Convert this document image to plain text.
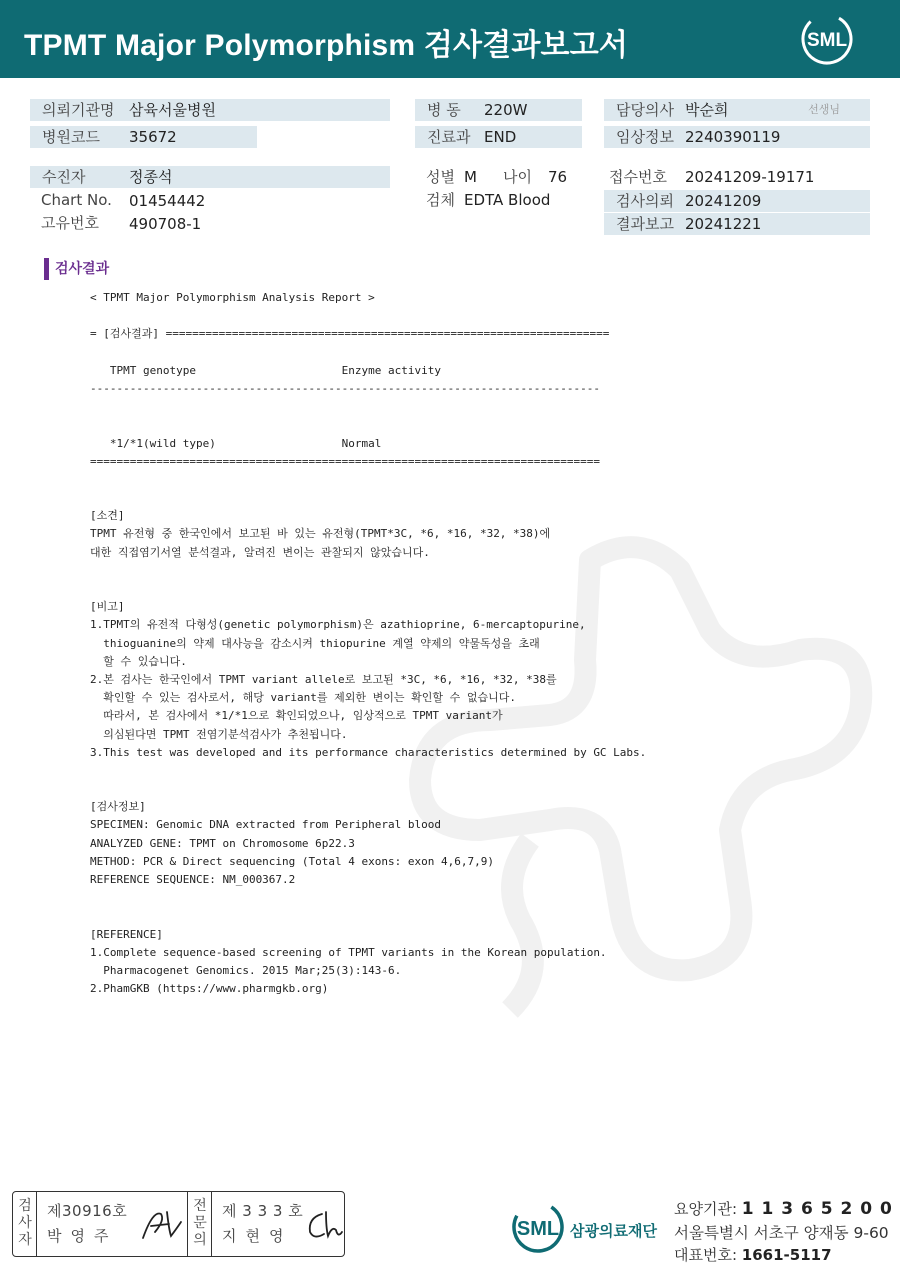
TPMT Major Polymorphism 검사결과보고서	SML
의뢰기관명 삼육서울병원	병 동 220W	담당의사 박순희	선생님
병원코드 35672	진료과 END	임상정보 2240390119
수진자	정종석	성별 M 나이 76	접수번호 20241209-19171
Chart No. 01454442	검체 EDTA Blood	검사의뢰 20241209
고유번호 490708-1	결과보고 20241221
검사결과
< TPMT Major Polymorphism Analysis Report >
= [검사결과] ===================================================================
TPMT genotype                      Enzyme activity
-----------------------------------------------------------------------------
*1/*1(wild type)                   Normal
=============================================================================
[소견]
TPMT 유전형 중 한국인에서 보고된 바 있는 유전형(TPMT*3C, *6, *16, *32, *38)에
대한 직접염기서열 분석결과, 알려진 변이는 관찰되지 않았습니다.
[비고]
1.TPMT의 유전적 다형성(genetic polymorphism)은 azathioprine, 6-mercaptopurine,
thioguanine의 약제 대사능을 감소시켜 thiopurine 계열 약제의 약물독성을 초래
할 수 있습니다.
2.본 검사는 한국인에서 TPMT variant allele로 보고된 *3C, *6, *16, *32, *38를
확인할 수 있는 검사로서, 해당 variant를 제외한 변이는 확인할 수 없습니다.
따라서, 본 검사에서 *1/*1으로 확인되었으나, 임상적으로 TPMT variant가
의심된다면 TPMT 전염기분석검사가 추천됩니다.
3.This test was developed and its performance characteristics determined by GC Labs.
[검사정보]
SPECIMEN: Genomic DNA extracted from Peripheral blood
ANALYZED GENE: TPMT on Chromosome 6p22.3
METHOD: PCR & Direct sequencing (Total 4 exons: exon 4,6,7,9)
REFERENCE SEQUENCE: NM_000367.2
[REFERENCE]
1.Complete sequence-based screening of TPMT variants in the Korean population.
Pharmacogenet Genomics. 2015 Mar;25(3):143-6.
2.PhamGKB (https://www.pharmgkb.org)
검사자
제30916호
박영주
전문의
제 3 3 3 호
지현영	SML 삼광의료재단
요양기관: 1 1 3 6 5 2 0 0
서울특별시 서초구 양재동 9-60
대표번호: 1661-5117
